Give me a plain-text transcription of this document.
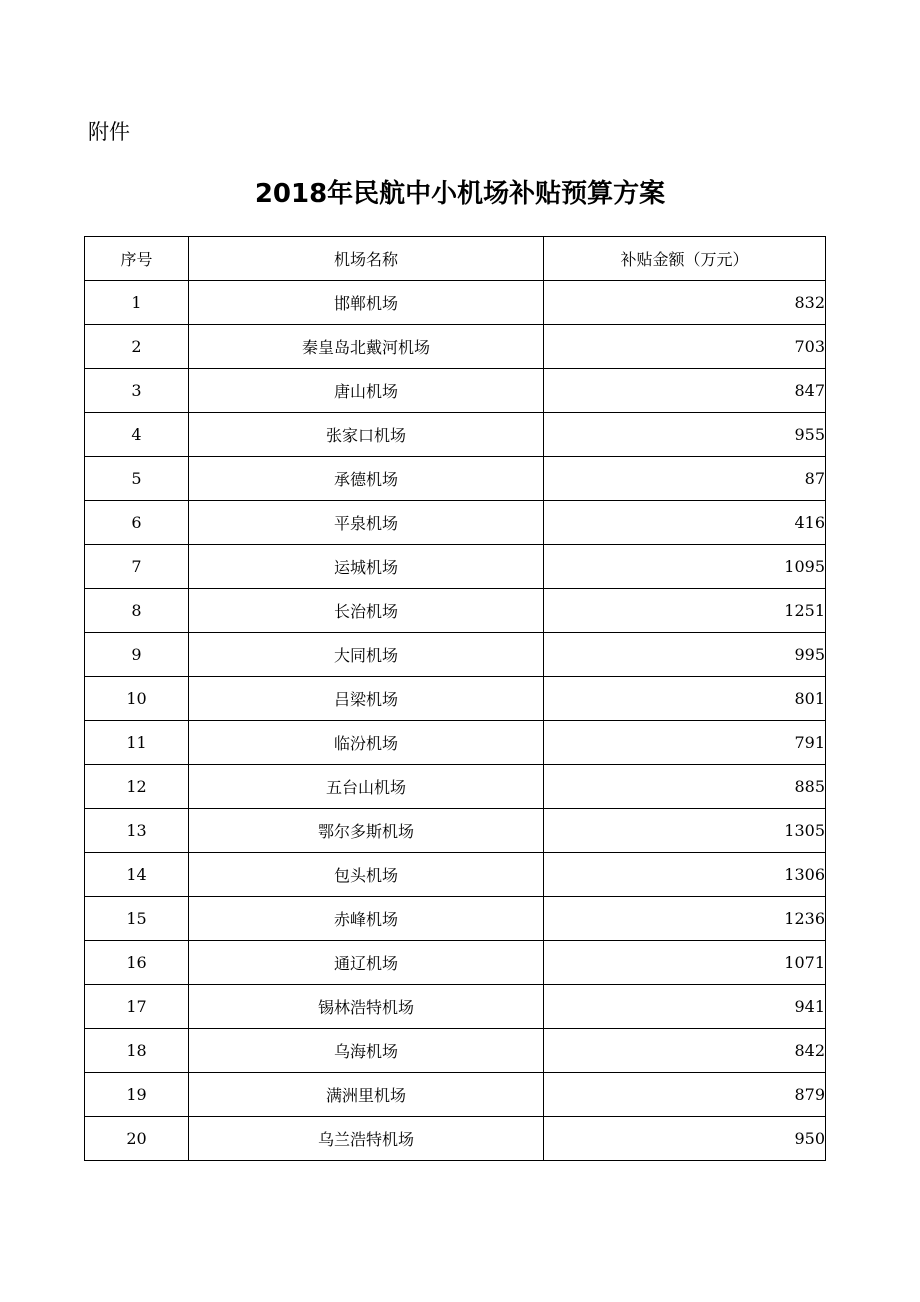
附件
2018年民航中小机场补贴预算方案
序号	机场名称	补贴金额（万元）
1	邯郸机场	832
2	秦皇岛北戴河机场	703
3	唐山机场	847
4	张家口机场	955
5	承德机场	87
6	平泉机场	416
7	运城机场	1095
8	长治机场	1251
9	大同机场	995
10	吕梁机场	801
11	临汾机场	791
12	五台山机场	885
13	鄂尔多斯机场	1305
14	包头机场	1306
15	赤峰机场	1236
16	通辽机场	1071
17	锡林浩特机场	941
18	乌海机场	842
19	满洲里机场	879
20	乌兰浩特机场	950
